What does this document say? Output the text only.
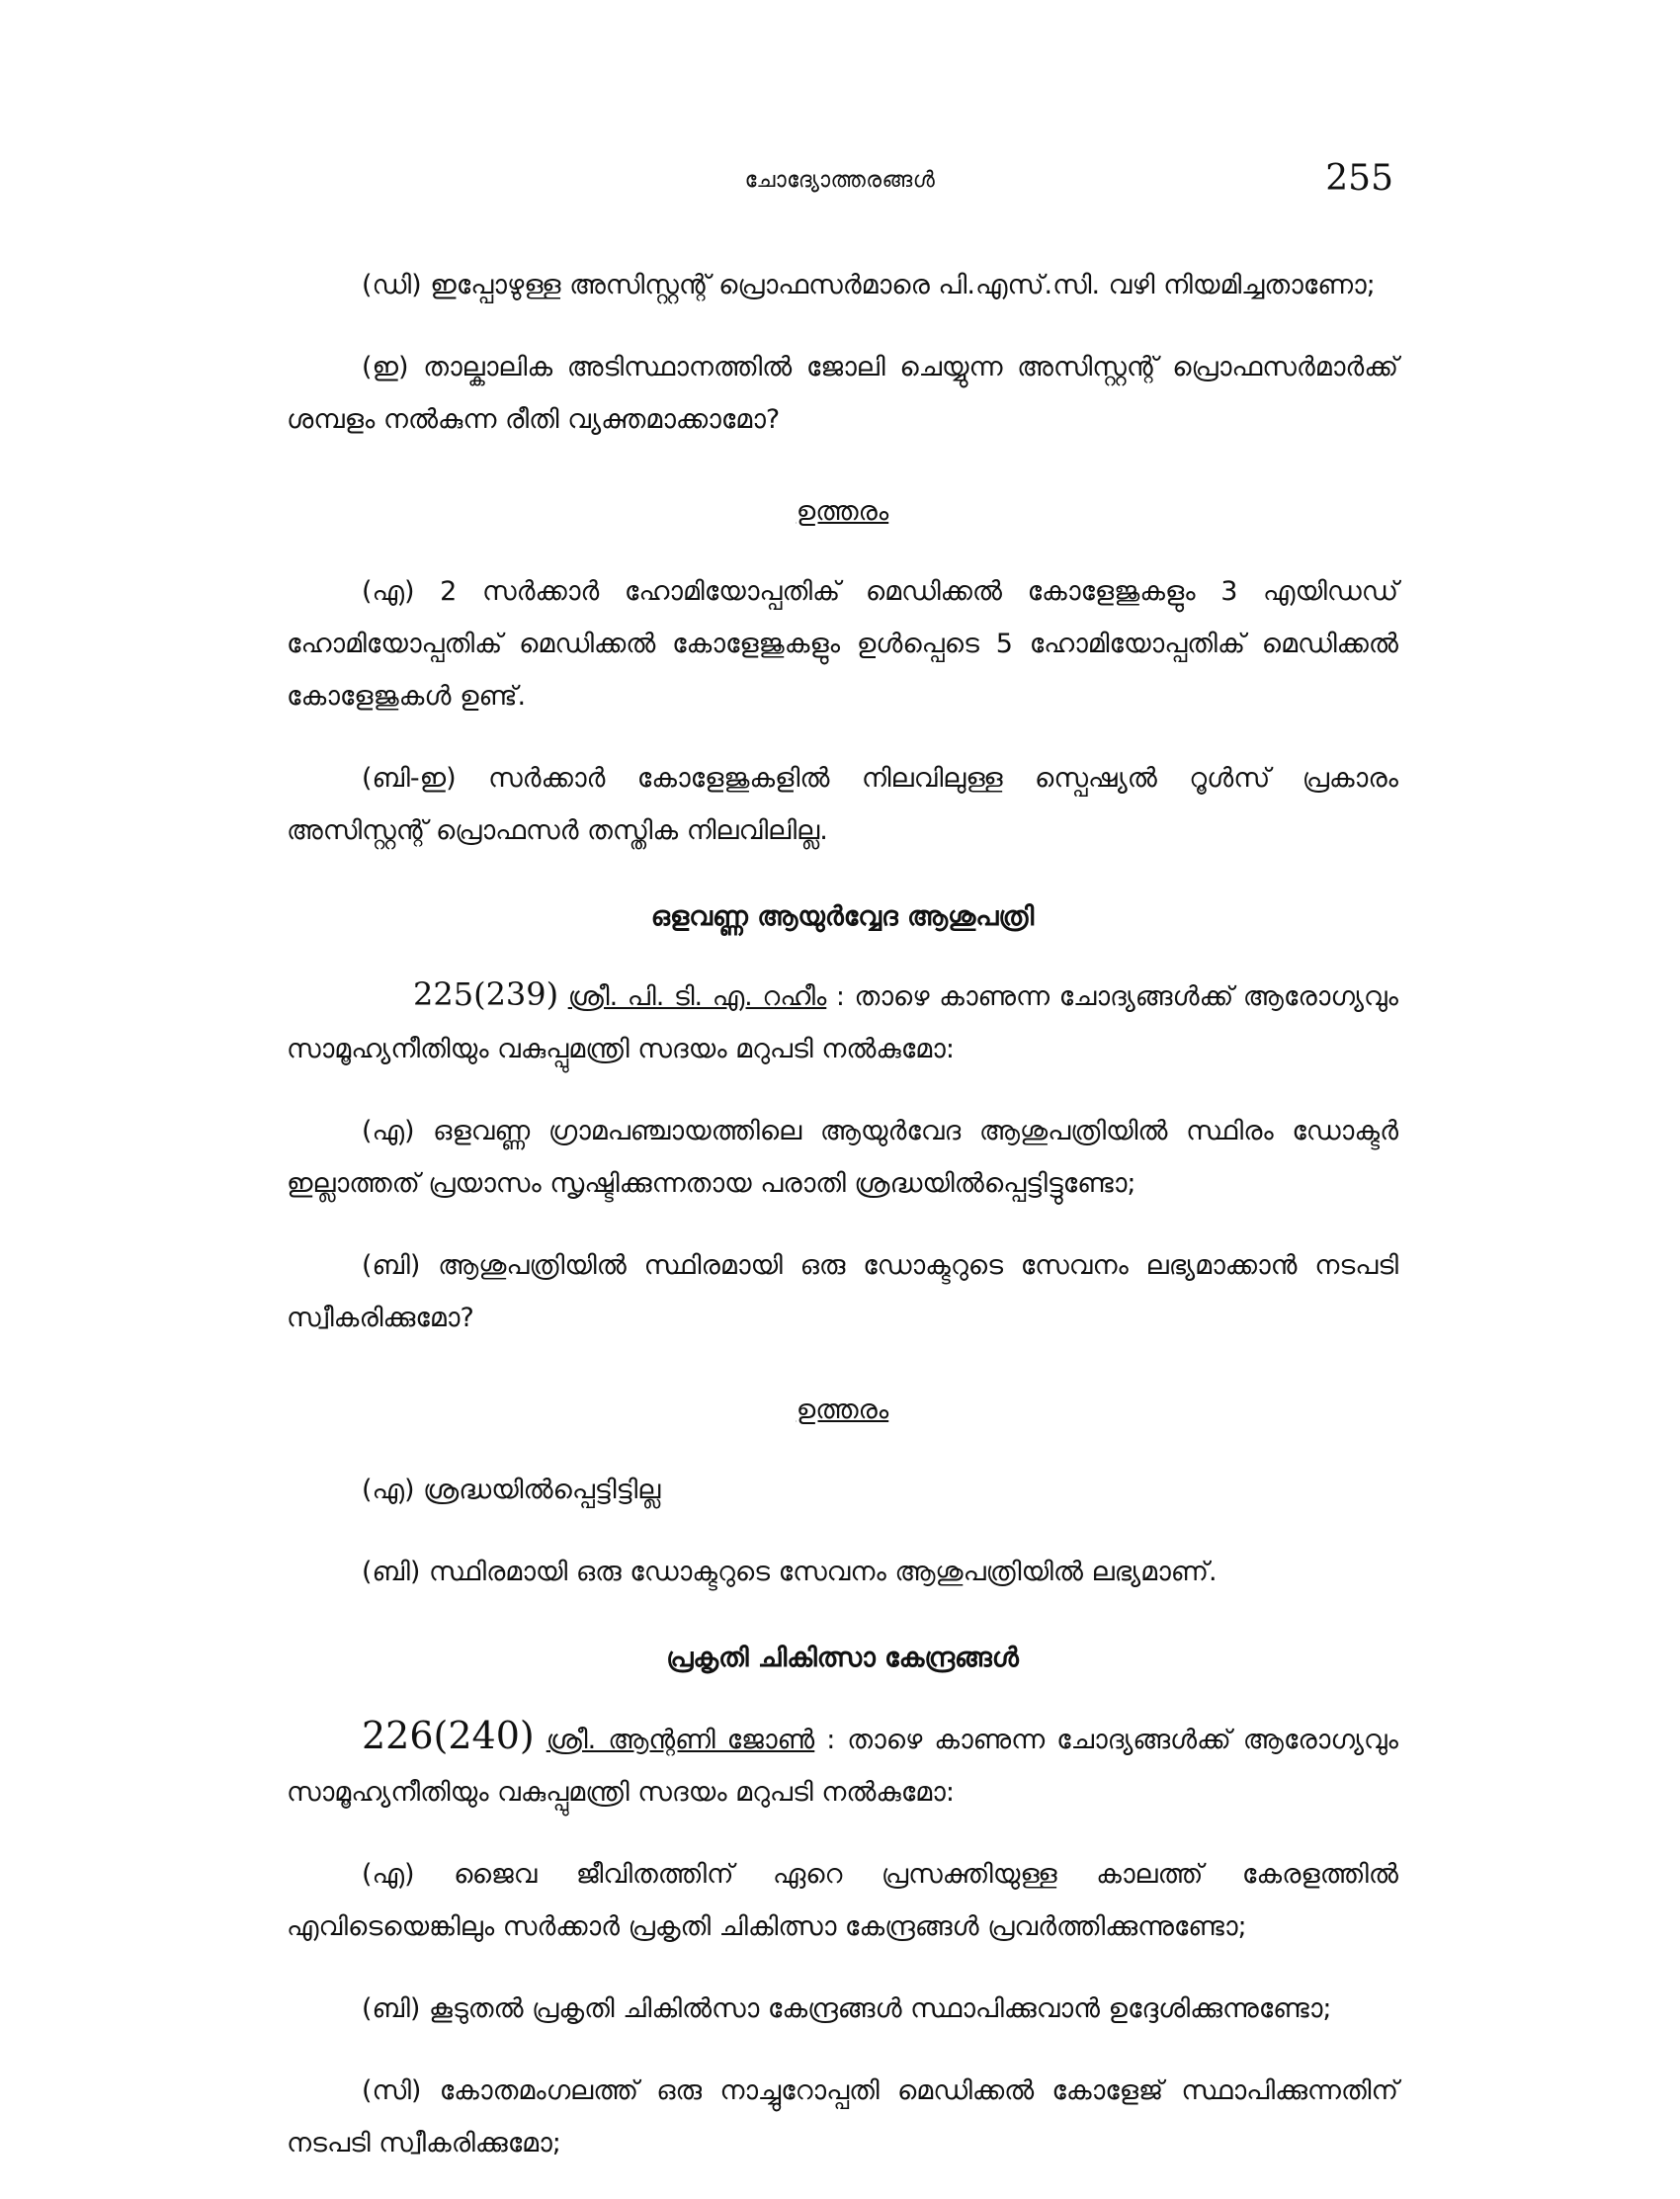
ചോദ്യോത്തരങ്ങൾ	255

(ഡി) ഇപ്പോഴുള്ള അസിസ്റ്റന്റ് പ്രൊഫസർമാരെ പി.എസ്.സി. വഴി നിയമിച്ചതാണോ;

(ഇ) താല്കാലിക അടിസ്ഥാനത്തിൽ ജോലി ചെയ്യുന്ന അസിസ്റ്റന്റ് പ്രൊഫസർമാർക്ക് ശമ്പളം നൽകുന്ന രീതി വ്യക്തമാക്കാമോ?

ഉത്തരം

(എ) 2 സർക്കാർ ഹോമിയോപ്പതിക് മെഡിക്കൽ കോളേജുകളും 3 എയിഡഡ് ഹോമിയോപ്പതിക് മെഡിക്കൽ കോളേജുകളും ഉൾപ്പെടെ 5 ഹോമിയോപ്പതിക് മെഡിക്കൽ കോളേജുകൾ ഉണ്ട്.

(ബി-ഇ) സർക്കാർ കോളേജുകളിൽ നിലവിലുള്ള സ്പെഷ്യൽ റൂൾസ് പ്രകാരം അസിസ്റ്റന്റ് പ്രൊഫസർ തസ്തിക നിലവിലില്ല.

ഒളവണ്ണ ആയുർവ്വേദ ആശുപത്രി

225(239) ശ്രീ. പി. ടി. എ. റഹീം : താഴെ കാണുന്ന ചോദ്യങ്ങൾക്ക് ആരോഗ്യവും സാമൂഹ്യനീതിയും വകുപ്പുമന്ത്രി സദയം മറുപടി നൽകുമോ:

(എ) ഒളവണ്ണ ഗ്രാമപഞ്ചായത്തിലെ ആയുർവേദ ആശുപത്രിയിൽ സ്ഥിരം ഡോക്ടർ ഇല്ലാത്തത് പ്രയാസം സൃഷ്ടിക്കുന്നതായ പരാതി ശ്രദ്ധയിൽപ്പെട്ടിട്ടുണ്ടോ;

(ബി) ആശുപത്രിയിൽ സ്ഥിരമായി ഒരു ഡോക്ടറുടെ സേവനം ലഭ്യമാക്കാൻ നടപടി സ്വീകരിക്കുമോ?

ഉത്തരം

(എ) ശ്രദ്ധയിൽപ്പെട്ടിട്ടില്ല

(ബി) സ്ഥിരമായി ഒരു ഡോക്ടറുടെ സേവനം ആശുപത്രിയിൽ ലഭ്യമാണ്.

പ്രകൃതി ചികിത്സാ കേന്ദ്രങ്ങൾ

226(240) ശ്രീ. ആന്റണി ജോൺ : താഴെ കാണുന്ന ചോദ്യങ്ങൾക്ക് ആരോഗ്യവും സാമൂഹ്യനീതിയും വകുപ്പുമന്ത്രി സദയം മറുപടി നൽകുമോ:

(എ) ജൈവ ജീവിതത്തിന് ഏറെ പ്രസക്തിയുള്ള കാലത്ത് കേരളത്തിൽ എവിടെയെങ്കിലും സർക്കാർ പ്രകൃതി ചികിത്സാ കേന്ദ്രങ്ങൾ പ്രവർത്തിക്കുന്നുണ്ടോ;

(ബി) കൂടുതൽ പ്രകൃതി ചികിൽസാ കേന്ദ്രങ്ങൾ സ്ഥാപിക്കുവാൻ ഉദ്ദേശിക്കുന്നുണ്ടോ;

(സി) കോതമംഗലത്ത് ഒരു നാച്ചുറോപ്പതി മെഡിക്കൽ കോളേജ് സ്ഥാപിക്കുന്നതിന് നടപടി സ്വീകരിക്കുമോ;
